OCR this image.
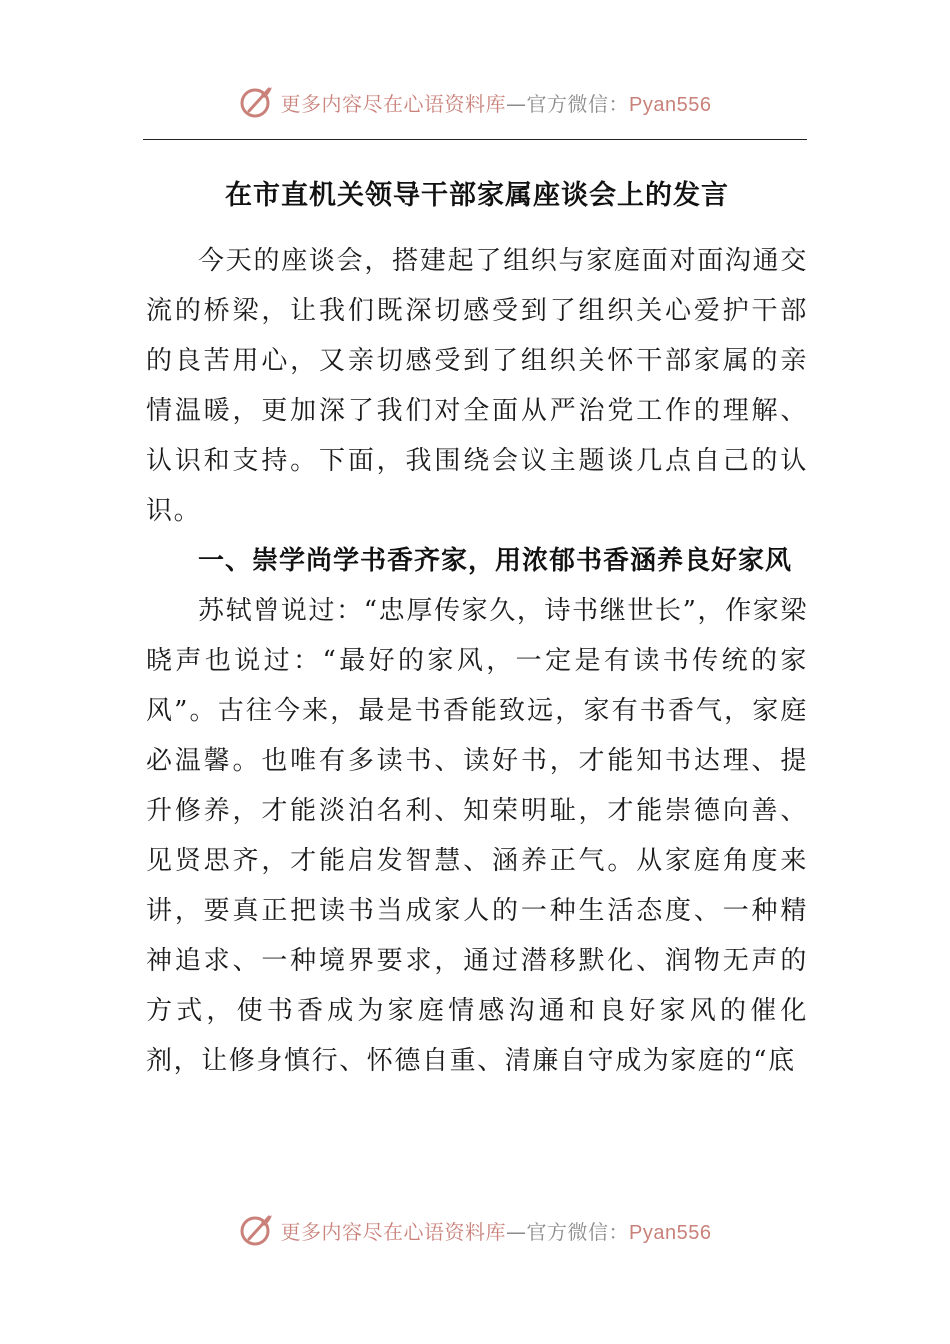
更多内容尽在心语资料库—官方微信：Pyan556
在市直机关领导干部家属座谈会上的发言

今天的座谈会，搭建起了组织与家庭面对面沟通交流的桥梁，让我们既深切感受到了组织关心爱护干部的良苦用心，又亲切感受到了组织关怀干部家属的亲情温暖，更加深了我们对全面从严治党工作的理解、认识和支持。下面，我围绕会议主题谈几点自己的认识。

一、崇学尚学书香齐家，用浓郁书香涵养良好家风

苏轼曾说过：“忠厚传家久，诗书继世长”，作家梁晓声也说过：“最好的家风，一定是有读书传统的家风”。古往今来，最是书香能致远，家有书香气，家庭必温馨。也唯有多读书、读好书，才能知书达理、提升修养，才能淡泊名利、知荣明耻，才能崇德向善、见贤思齐，才能启发智慧、涵养正气。从家庭角度来讲，要真正把读书当成家人的一种生活态度、一种精神追求、一种境界要求，通过潜移默化、润物无声的方式，使书香成为家庭情感沟通和良好家风的催化剂，让修身慎行、怀德自重、清廉自守成为家庭的“底

更多内容尽在心语资料库—官方微信：Pyan556
